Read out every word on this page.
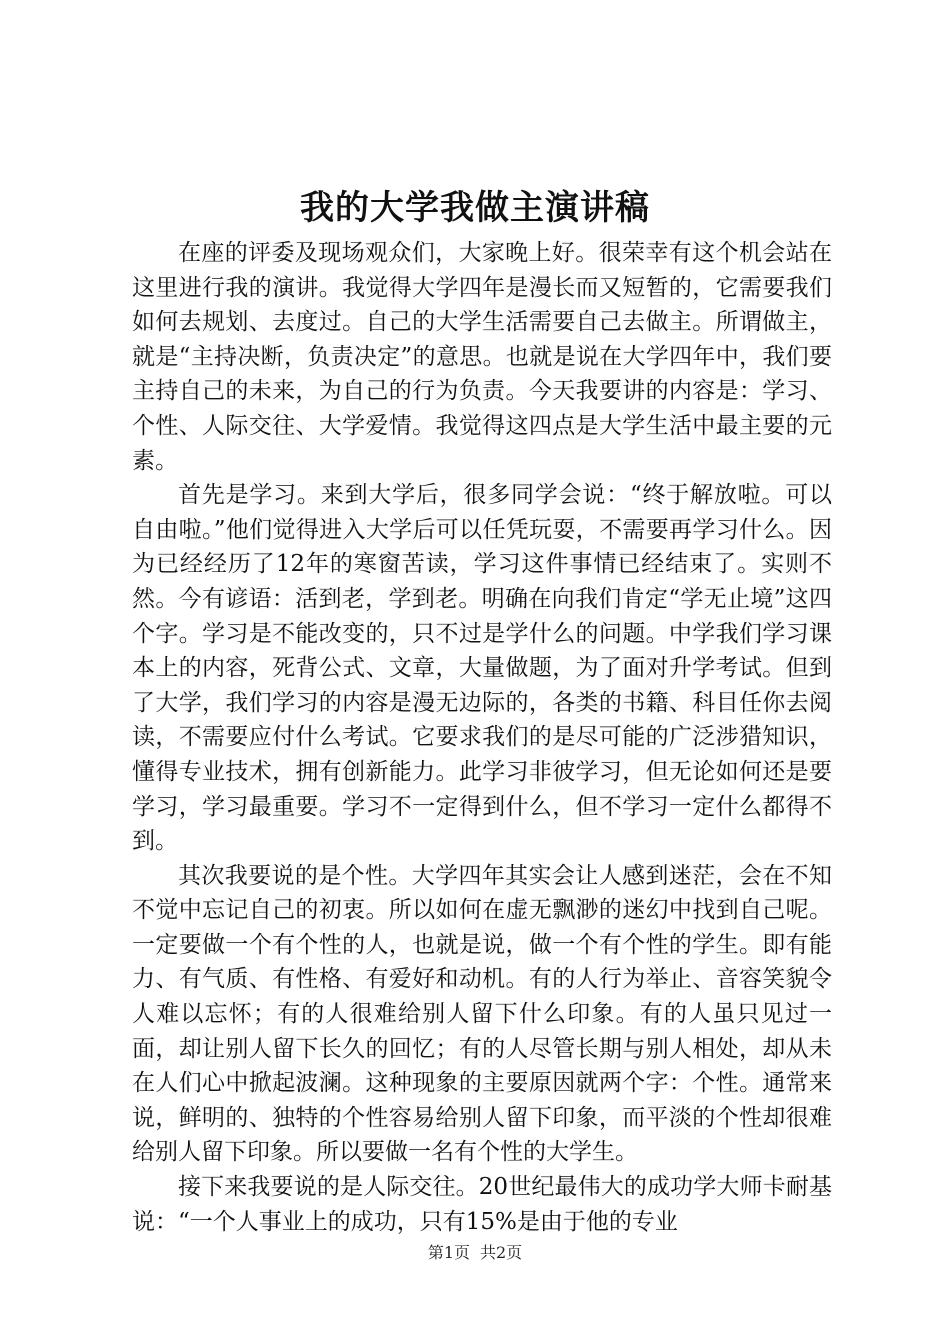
我的大学我做主演讲稿

在座的评委及现场观众们，大家晚上好。很荣幸有这个机会站在这里进行我的演讲。我觉得大学四年是漫长而又短暂的，它需要我们如何去规划、去度过。自己的大学生活需要自己去做主。所谓做主，就是“主持决断，负责决定”的意思。也就是说在大学四年中，我们要主持自己的未来，为自己的行为负责。今天我要讲的内容是：学习、个性、人际交往、大学爱情。我觉得这四点是大学生活中最主要的元素。

首先是学习。来到大学后，很多同学会说：“终于解放啦。可以自由啦。”他们觉得进入大学后可以任凭玩耍，不需要再学习什么。因为已经经历了12年的寒窗苦读，学习这件事情已经结束了。实则不然。今有谚语：活到老，学到老。明确在向我们肯定“学无止境”这四个字。学习是不能改变的，只不过是学什么的问题。中学我们学习课本上的内容，死背公式、文章，大量做题，为了面对升学考试。但到了大学，我们学习的内容是漫无边际的，各类的书籍、科目任你去阅读，不需要应付什么考试。它要求我们的是尽可能的广泛涉猎知识，懂得专业技术，拥有创新能力。此学习非彼学习，但无论如何还是要学习，学习最重要。学习不一定得到什么，但不学习一定什么都得不到。

其次我要说的是个性。大学四年其实会让人感到迷茫，会在不知不觉中忘记自己的初衷。所以如何在虚无飘渺的迷幻中找到自己呢。一定要做一个有个性的人，也就是说，做一个有个性的学生。即有能力、有气质、有性格、有爱好和动机。有的人行为举止、音容笑貌令人难以忘怀；有的人很难给别人留下什么印象。有的人虽只见过一面，却让别人留下长久的回忆；有的人尽管长期与别人相处，却从未在人们心中掀起波澜。这种现象的主要原因就两个字：个性。通常来说，鲜明的、独特的个性容易给别人留下印象，而平淡的个性却很难给别人留下印象。所以要做一名有个性的大学生。

接下来我要说的是人际交往。20世纪最伟大的成功学大师卡耐基说：“一个人事业上的成功，只有15%是由于他的专业

第1页 共2页
